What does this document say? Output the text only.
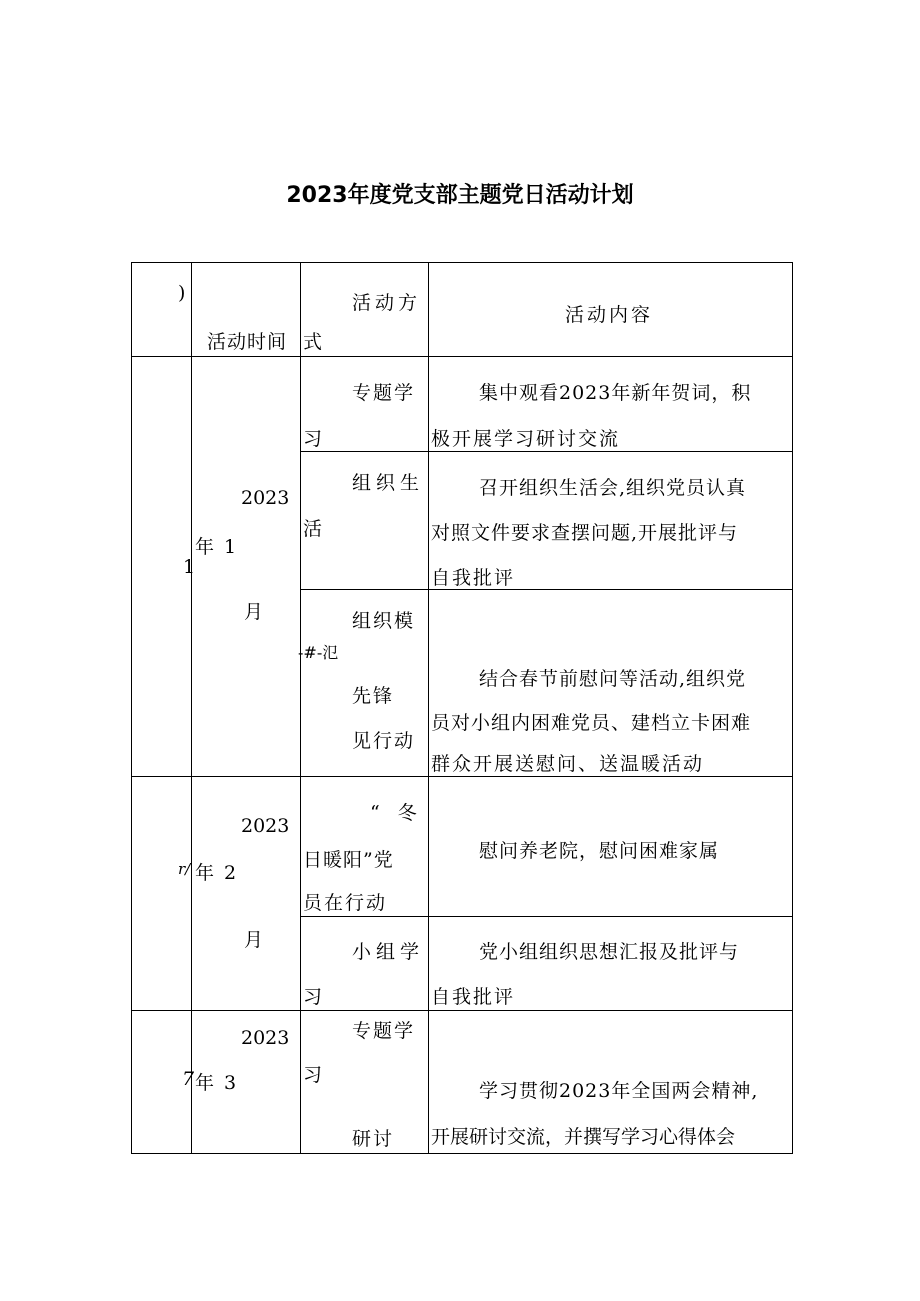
2023年度党支部主题党日活动计划
)
活动时间
活动方
式
活动内容
1
2023
年 1
月
专题学
习
集中观看2023年新年贺词，积
极开展学习研讨交流
组织生
活
召开组织生活会,组织党员认真
对照文件要求查摆问题,开展批评与
自我批评
组织模
-#-氾
先锋
见行动
结合春节前慰问等活动,组织党
员对小组内困难党员、建档立卡困难
群众开展送慰问、送温暖活动
r/
2023
年 2
月
“ 冬
日暖阳”党
员在行动
慰问养老院，慰问困难家属
小组学
习
党小组组织思想汇报及批评与
自我批评
7
2023
年 3
专题学
习
研讨
学习贯彻2023年全国两会精神,
开展研讨交流，并撰写学习心得体会
